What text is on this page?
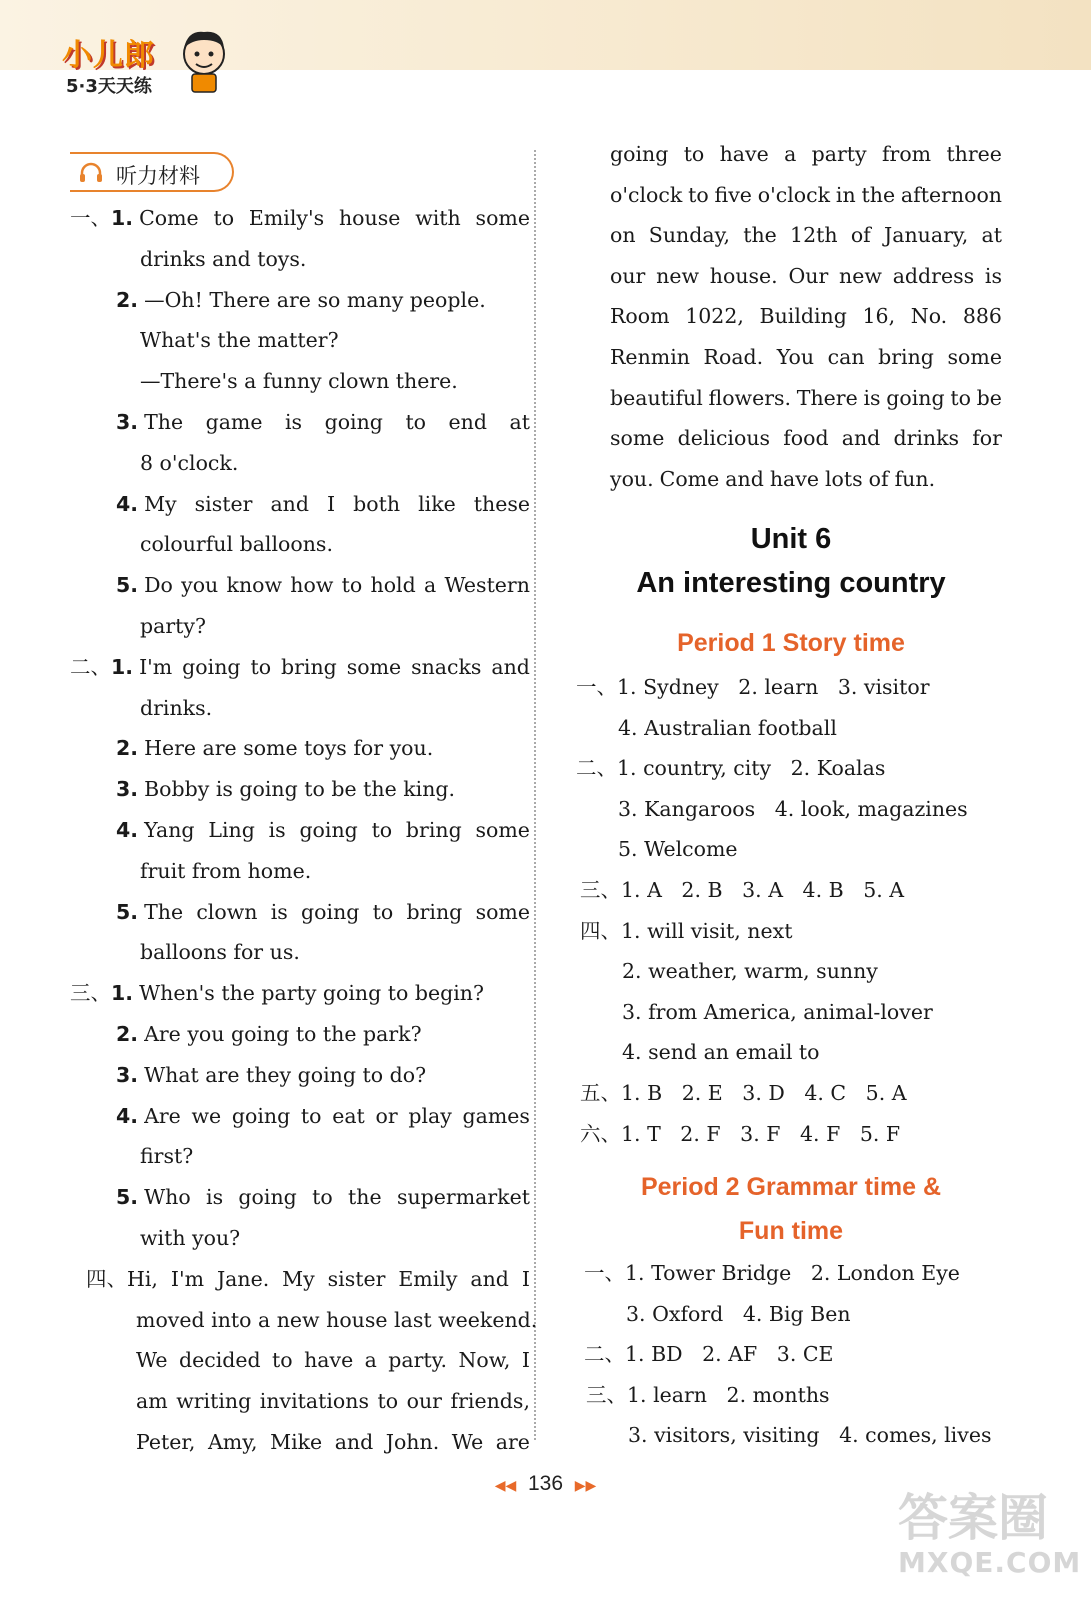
小儿郎
5·3天天练
听力材料
一、 1. Come to Emily's house with some
drinks and toys.
2. —Oh! There are so many people.
What's the matter?
—There's a funny clown there.
3. The game is going to end at
8 o'clock.
4. My sister and I both like these
colourful balloons.
5. Do you know how to hold a Western
party?
二、 1. I'm going to bring some snacks and
drinks.
2. Here are some toys for you.
3. Bobby is going to be the king.
4. Yang Ling is going to bring some
fruit from home.
5. The clown is going to bring some
balloons for us.
三、1. When's the party going to begin?
2. Are you going to the park?
3. What are they going to do?
4. Are we going to eat or play games
first?
5. Who is going to the supermarket
with you?
四、 Hi, I'm Jane. My sister Emily and I
moved into a new house last weekend.
We decided to have a party. Now, I
am writing invitations to our friends,
Peter, Amy, Mike and John. We are
going to have a party from three
o'clock to five o'clock in the afternoon
on Sunday, the 12th of January, at
our new house. Our new address is
Room 1022, Building 16, No. 886
Renmin Road. You can bring some
beautiful flowers. There is going to be
some delicious food and drinks for
you. Come and have lots of fun.
Unit 6
An interesting country
Period 1 Story time
一、1. Sydney   2. learn   3. visitor
4. Australian football
二、1. country, city   2. Koalas
3. Kangaroos   4. look, magazines
5. Welcome
三、1. A   2. B   3. A   4. B   5. A
四、1. will visit, next
2. weather, warm, sunny
3. from America, animal-lover
4. send an email to
五、1. B   2. E   3. D   4. C   5. A
六、1. T   2. F   3. F   4. F   5. F
Period 2 Grammar time &
Fun time
一、1. Tower Bridge   2. London Eye
3. Oxford   4. Big Ben
二、1. BD   2. AF   3. CE
三、1. learn   2. months
3. visitors, visiting   4. comes, lives
◀◀ 136 ▶▶
答案圈
MXQE.COM
